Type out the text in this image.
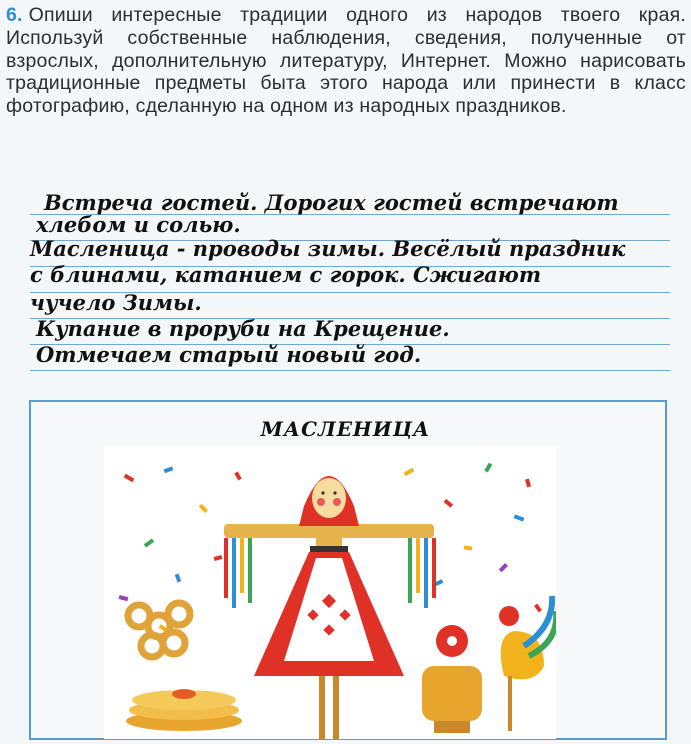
6. Опиши интересные традиции одного из народов твоего края. Используй собственные наблюдения, сведения, полученные от взрослых, дополнительную литературу, Интернет. Можно нарисовать традиционные предметы быта этого народа или принести в класс фотографию, сделанную на одном из народных праздников.
Встреча гостей. Дорогих гостей встречают
хлебом и солью.
Масленица - проводы зимы. Весёлый праздник
с блинами, катанием с горок. Сжигают
чучело Зимы.
Купание в проруби на Крещение.
Отмечаем старый новый год.
МАСЛЕНИЦА
